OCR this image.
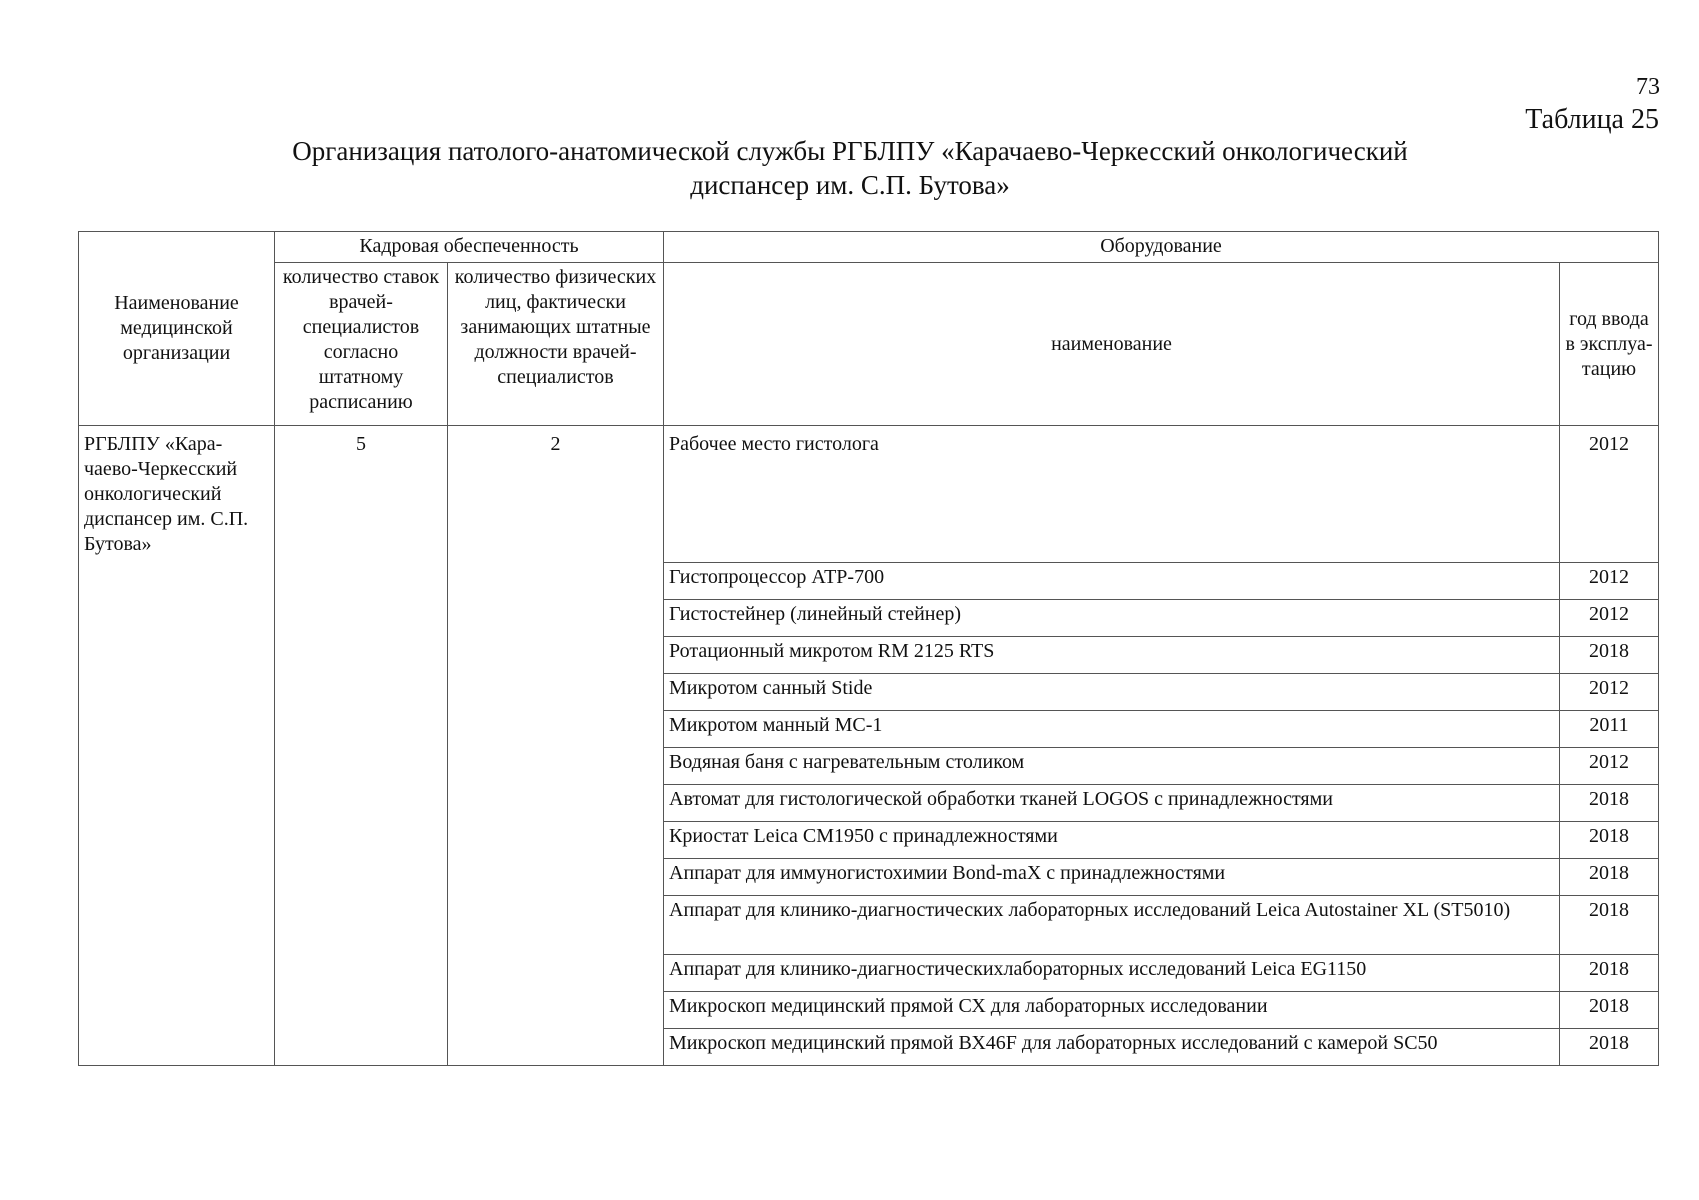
73
Таблица 25
Организация патолого-анатомической службы РГБЛПУ «Карачаево-Черкесский онкологический
диспансер им. С.П. Бутова»
Наименование медицинской организации	Кадровая обеспеченность		Оборудование	
	количество ставок врачей-специалистов согласно штатному расписанию	количество физических лиц, фактически занимающих штатные должности врачей-специалистов	наименование	год ввода в эксплуа-тацию
РГБЛПУ «Кара-чаево-Черкесский онкологический диспансер им. С.П. Бутова»	5	2	Рабочее место гистолога	2012
			Гистопроцессор АТР-700	2012
			Гистостейнер (линейный стейнер)	2012
			Ротационный микротом RM 2125 RTS	2018
			Микротом санный Stide	2012
			Микротом манный МС-1	2011
			Водяная баня с нагревательным столиком	2012
			Автомат для гистологической обработки тканей LOGOS с принадлежностями	2018
			Криостат Leica CM1950 с принадлежностями	2018
			Аппарат для иммуногистохимии Bond-maX с принадлежностями	2018
			Аппарат для клинико-диагностических лабораторных исследований Leica Autostainer XL (ST5010)	2018
			Аппарат для клинико-диагностическихлабораторных исследований Leica EG1150	2018
			Микроскоп медицинский прямой СХ для лабораторных исследовании	2018
			Микроскоп медицинский прямой ВХ46F для лабораторных исследований с камерой SC50	2018
